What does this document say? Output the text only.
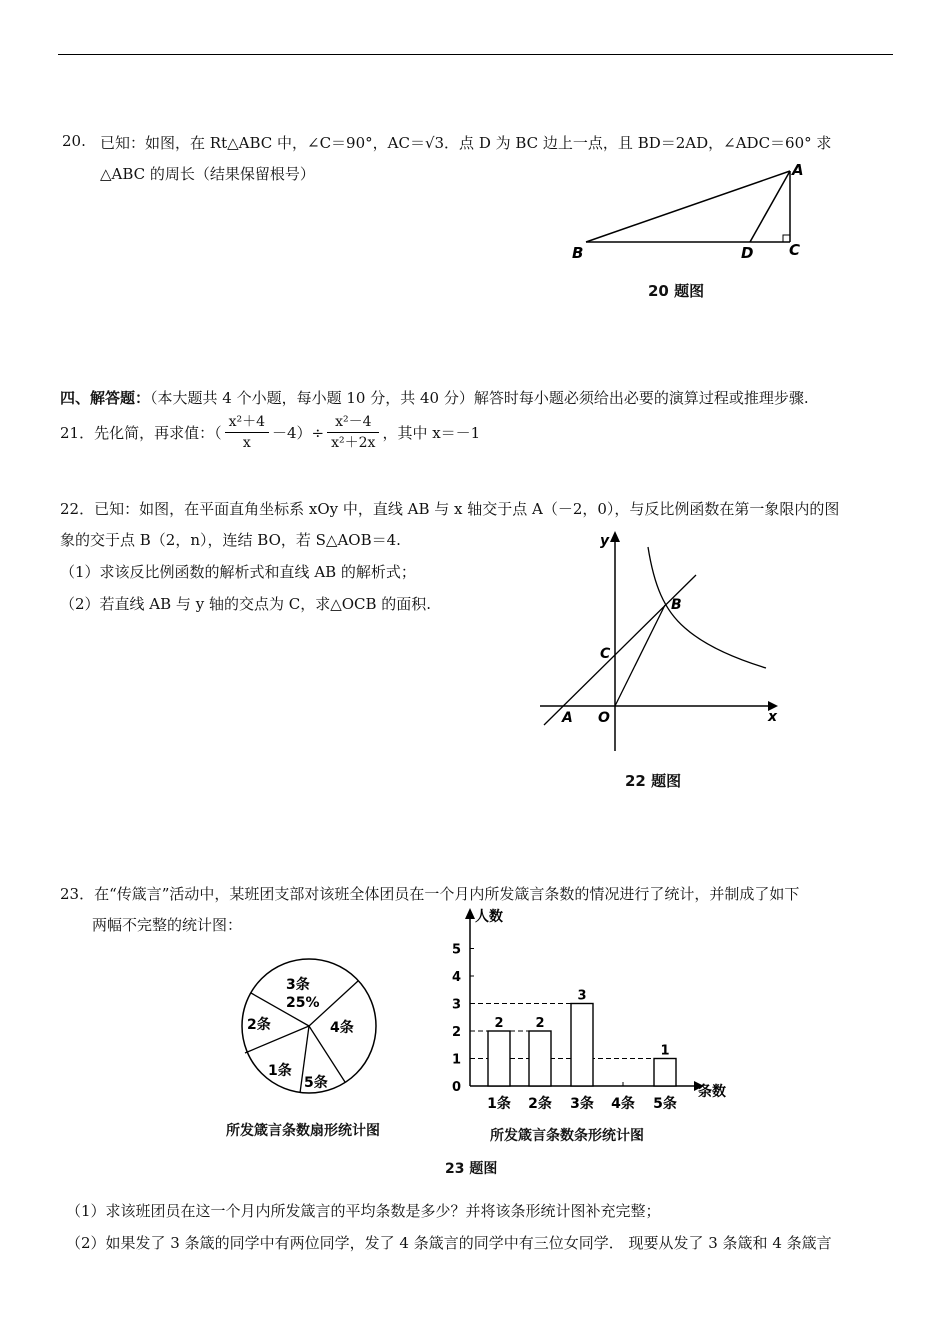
20. 已知：如图，在 Rt△ABC 中，∠C＝90°，AC＝√3．点 D 为 BC 边上一点，且 BD＝2AD，∠ADC＝60° 求
△ABC 的周长（结果保留根号）	A
B	D C
20 题图
四、解答题：（本大题共 4 个小题，每小题 10 分，共 40 分）解答时每小题必须给出必要的演算过程或推理步骤.
21．先化简，再求值：（ $\frac{\text{x²＋4}}{x} -4)\div \frac{\text{x²－4}}{\text{x²＋2x}}$ ，其中 x＝－1
22．已知：如图，在平面直角坐标系 xOy 中，直线 AB 与 x 轴交于点 A（－2，0），与反比例函数在第一象限内的图
象的交于点 B（2，n），连结 BO，若 S△AOB＝4.
（1）求该反比例函数的解析式和直线 AB 的解析式；
（2）若直线 AB 与 y 轴的交点为 C，求△OCB 的面积.
y
x
A O
B
C
22 题图
23．在“传箴言”活动中，某班团支部对该班全体团员在一个月内所发箴言条数的情况进行了统计，并制成了如下
两幅不完整的统计图：
3条
25%
4条
5条
1条
2条
所发箴言条数扇形统计图
人数
条数
0
1
2
3
4
5
2 2
3
1
1条 2条 3条 4条 5条
所发箴言条数条形统计图
23 题图
（1）求该班团员在这一个月内所发箴言的平均条数是多少？并将该条形统计图补充完整；
（2）如果发了 3 条箴的同学中有两位同学，发了 4 条箴言的同学中有三位女同学． 现要从发了 3 条箴和 4 条箴言
